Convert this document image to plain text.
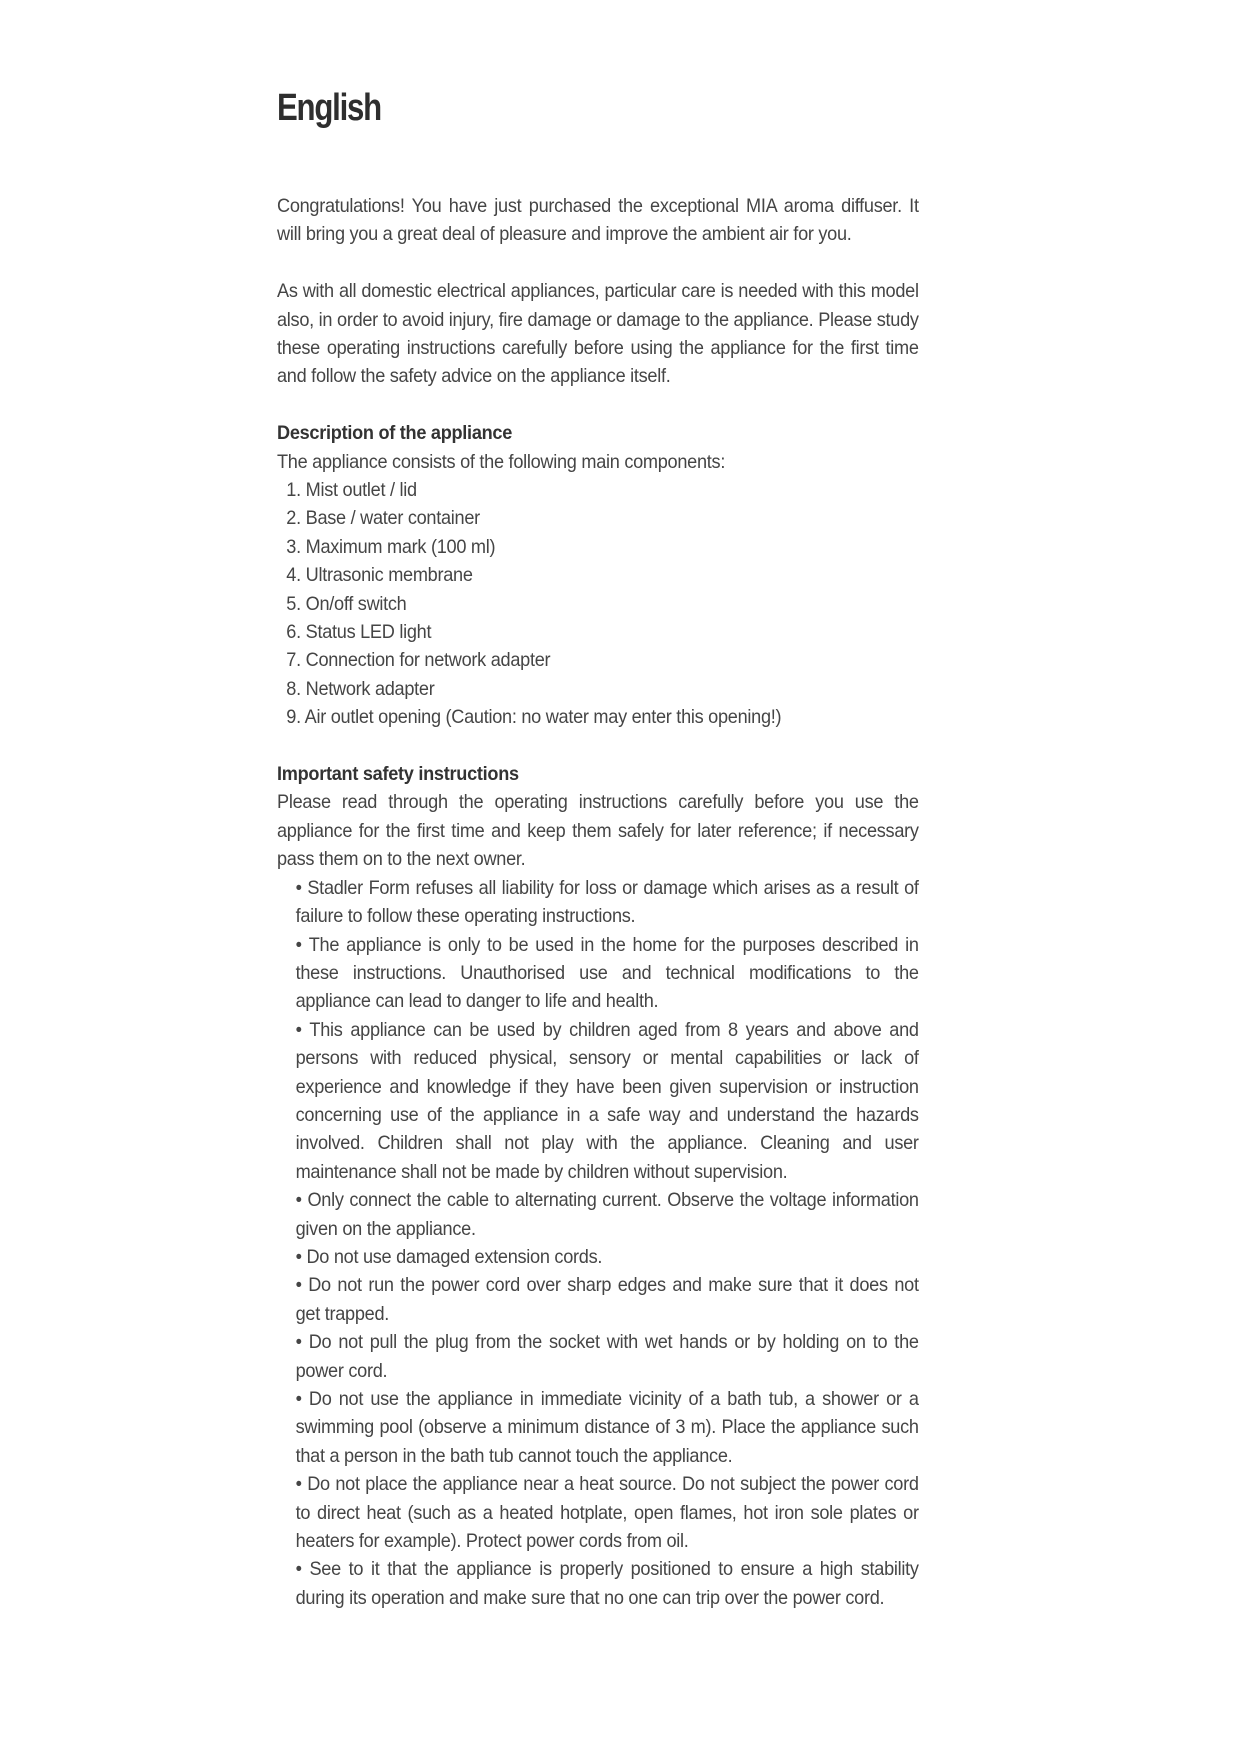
English

Congratulations! You have just purchased the exceptional MIA aroma diffuser. It will bring you a great deal of pleasure and improve the ambient air for you.

As with all domestic electrical appliances, particular care is needed with this model also, in order to avoid injury, fire damage or damage to the appliance. Please study these operating instructions carefully before using the appliance for the first time and follow the safety advice on the appliance itself.

Description of the appliance

The appliance consists of the following main components:

1. Mist outlet / lid
2. Base / water container
3. Maximum mark (100 ml)
4. Ultrasonic membrane
5. On/off switch
6. Status LED light
7. Connection for network adapter
8. Network adapter
9. Air outlet opening (Caution: no water may enter this opening!)

Important safety instructions

Please read through the operating instructions carefully before you use the appliance for the first time and keep them safely for later reference; if necessary pass them on to the next owner.

• Stadler Form refuses all liability for loss or damage which arises as a result of failure to follow these operating instructions.
• The appliance is only to be used in the home for the purposes described in these instructions. Unauthorised use and technical modifications to the appliance can lead to danger to life and health.
• This appliance can be used by children aged from 8 years and above and persons with reduced physical, sensory or mental capabilities or lack of experience and knowledge if they have been given supervision or instruction concerning use of the appliance in a safe way and understand the hazards involved. Children shall not play with the appliance. Cleaning and user maintenance shall not be made by children without supervision.
• Only connect the cable to alternating current. Observe the voltage information given on the appliance.
• Do not use damaged extension cords.
• Do not run the power cord over sharp edges and make sure that it does not get trapped.
• Do not pull the plug from the socket with wet hands or by holding on to the power cord.
• Do not use the appliance in immediate vicinity of a bath tub, a shower or a swimming pool (observe a minimum distance of 3 m). Place the appliance such that a person in the bath tub cannot touch the appliance.
• Do not place the appliance near a heat source. Do not subject the power cord to direct heat (such as a heated hotplate, open flames, hot iron sole plates or heaters for example). Protect power cords from oil.
• See to it that the appliance is properly positioned to ensure a high stability during its operation and make sure that no one can trip over the power cord.
